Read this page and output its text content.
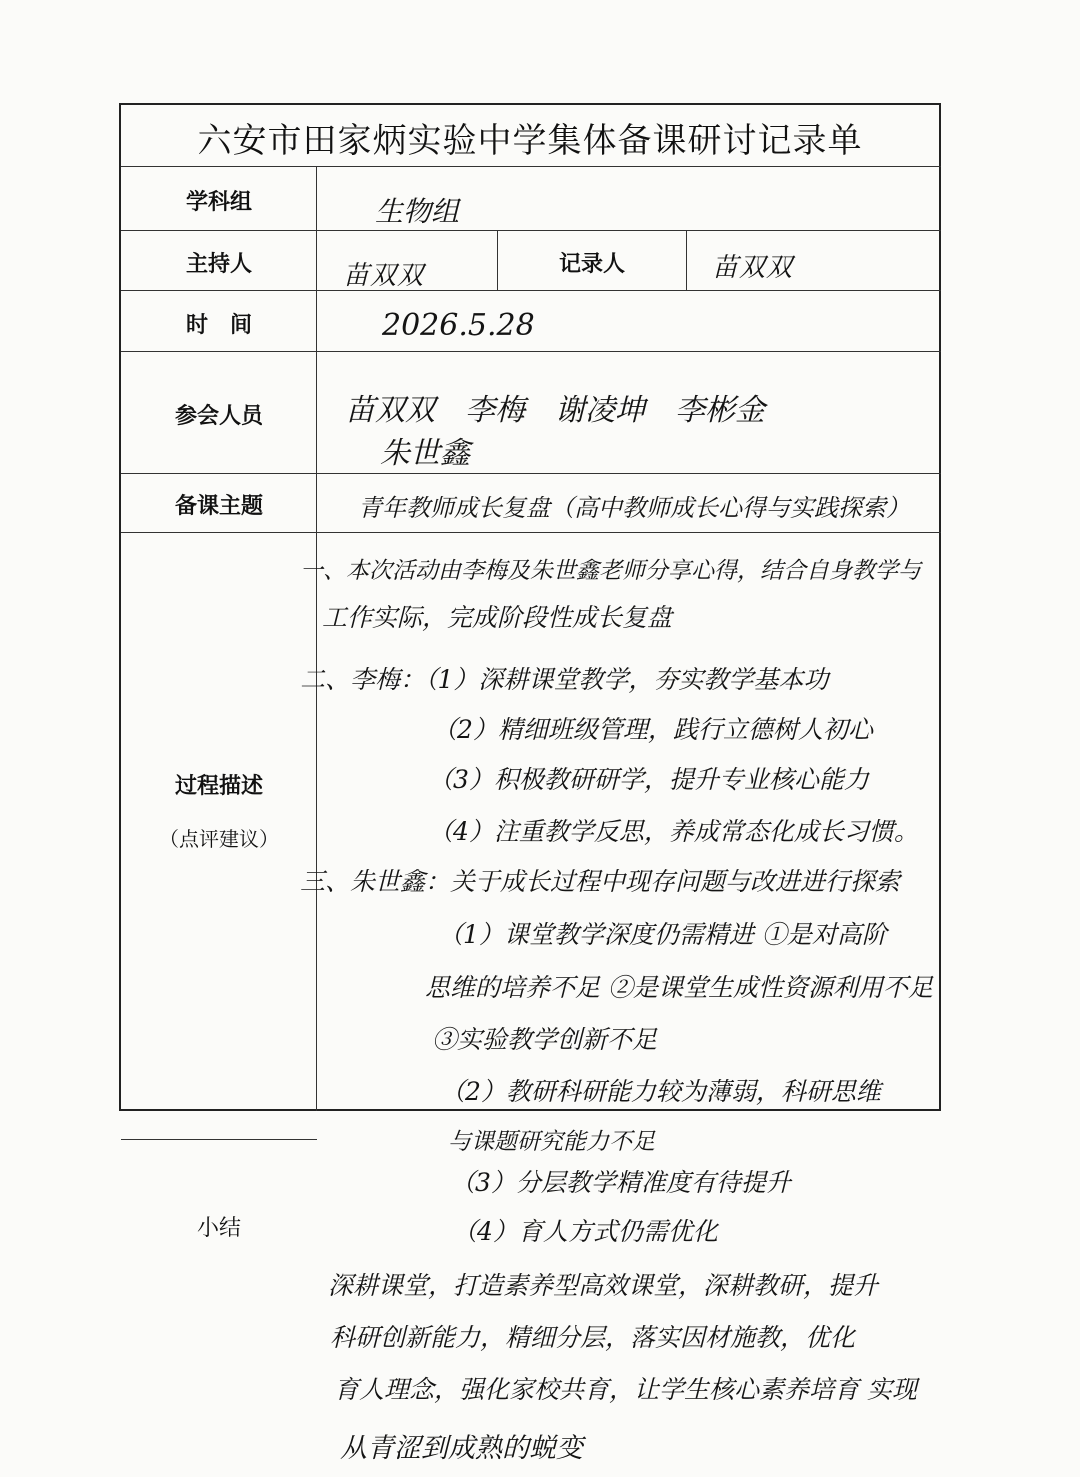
六安市田家炳实验中学集体备课研讨记录单
学科组
主持人	记录人
时　间
参会人员
备课主题
过程描述
（点评建议）
小结
生物组
苗双双	苗双双
2026.5.28
苗双双　李梅　谢凌坤　李彬金
朱世鑫
青年教师成长复盘（高中教师成长心得与实践探索）
一、本次活动由李梅及朱世鑫老师分享心得，结合自身教学与
工作实际，完成阶段性成长复盘
二、李梅：（1）深耕课堂教学，夯实教学基本功
（2）精细班级管理，践行立德树人初心
（3）积极教研研学，提升专业核心能力
（4）注重教学反思，养成常态化成长习惯。
三、朱世鑫：关于成长过程中现存问题与改进进行探索
（1）课堂教学深度仍需精进 ①是对高阶
思维的培养不足 ②是课堂生成性资源利用不足
③实验教学创新不足
（2）教研科研能力较为薄弱，科研思维
与课题研究能力不足
（3）分层教学精准度有待提升
（4）育人方式仍需优化
深耕课堂，打造素养型高效课堂，深耕教研，提升
科研创新能力，精细分层，落实因材施教，优化
育人理念，强化家校共育，让学生核心素养培育 实现
从青涩到成熟的蜕变
